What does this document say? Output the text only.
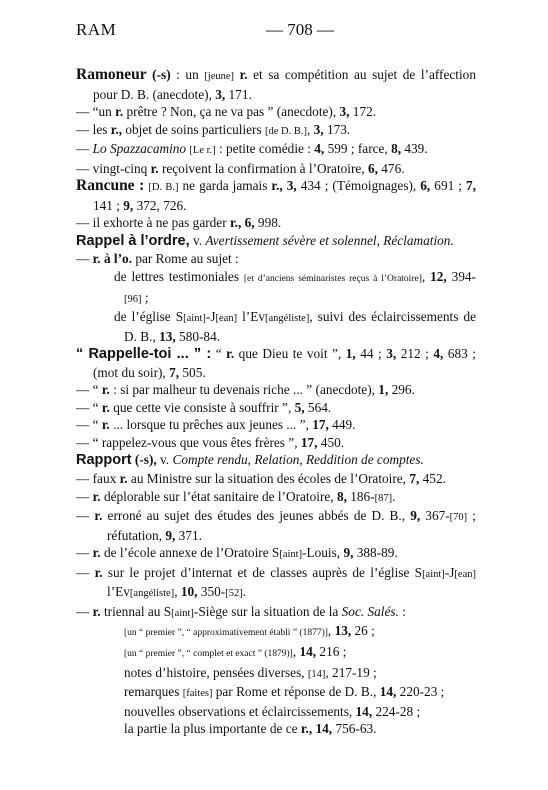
RAM	— 708 —

Ramoneur (-s) : un [jeune] r. et sa compétition au sujet de l’affection pour D. B. (anecdote), 3, 171.

— “un r. prêtre ? Non, ça ne va pas ” (anecdote), 3, 172.

— les r., objet de soins particuliers [de D. B.], 3, 173.

— Lo Spazzacamino [Le r.] : petite comédie : 4, 599 ; farce, 8, 439.

— vingt-cinq r. reçoivent la confirmation à l’Oratoire, 6, 476.

Rancune : [D. B.] ne garda jamais r., 3, 434 ; (Témoignages), 6, 691 ; 7, 141 ; 9, 372, 726.

— il exhorte à ne pas garder r., 6, 998.

Rappel à l’ordre, v. Avertissement sévère et solennel, Réclamation.

— r. à l’o. par Rome au sujet :

de lettres testimoniales [et d’anciens séminaristes reçus à l’Oratoire], 12, 394-[96] ;

de l’église S[aint]-J[ean] l’Ev[angéliste], suivi des éclaircissements de D. B., 13, 580-84.

“ Rappelle-toi ... ” : “ r. que Dieu te voit ”, 1, 44 ; 3, 212 ; 4, 683 ; (mot du soir), 7, 505.

— “ r. : si par malheur tu devenais riche ... ” (anecdote), 1, 296.

— “ r. que cette vie consiste à souffrir ”, 5, 564.

— “ r. ... lorsque tu prêches aux jeunes ... ”, 17, 449.

— “ rappelez-vous que vous êtes frères ”, 17, 450.

Rapport (-s), v. Compte rendu, Relation, Reddition de comptes.

— faux r. au Ministre sur la situation des écoles de l’Oratoire, 7, 452.

— r. déplorable sur l’état sanitaire de l’Oratoire, 8, 186-[87].

— r. erroné au sujet des études des jeunes abbés de D. B., 9, 367-[70] ; réfutation, 9, 371.

— r. de l’école annexe de l’Oratoire S[aint]-Louis, 9, 388-89.

— r. sur le projet d’internat et de classes auprès de l’église S[aint]-J[ean] l’Ev[angéliste], 10, 350-[52].

— r. triennal au S[aint]-Siège sur la situation de la Soc. Salés. :

[un “ premier ”, “ approximativement établi ” (1877)], 13, 26 ;

[un “ premier ”, “ complet et exact ” (1879)], 14, 216 ;

notes d’histoire, pensées diverses, [14], 217-19 ;

remarques [faites] par Rome et réponse de D. B., 14, 220-23 ;

nouvelles observations et éclaircissements, 14, 224-28 ;

la partie la plus importante de ce r., 14, 756-63.
